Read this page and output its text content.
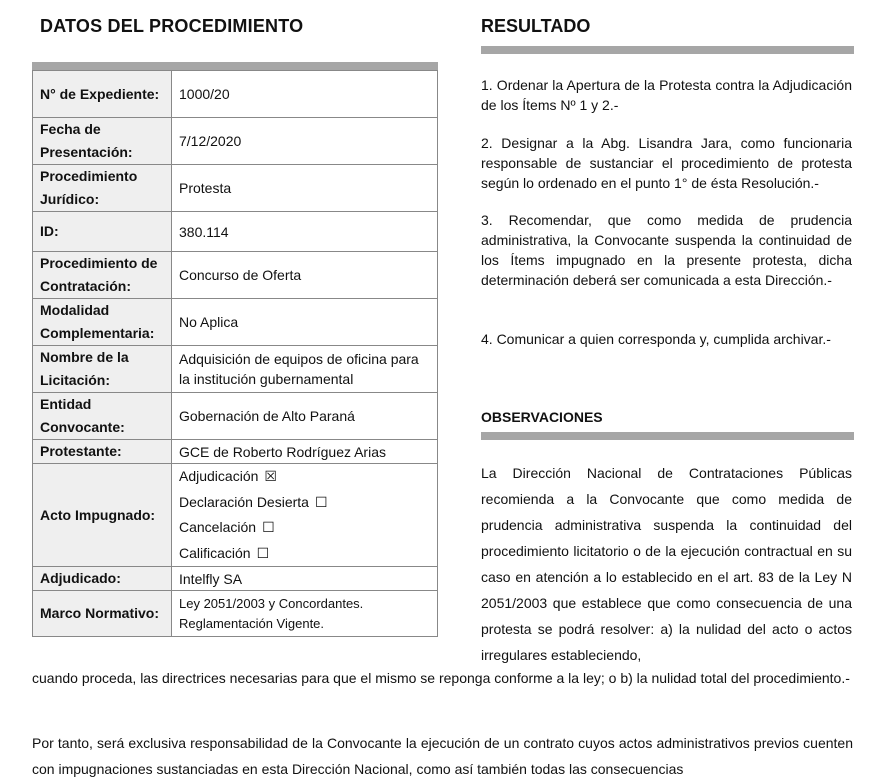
DATOS DEL PROCEDIMIENTO	RESULTADO
N° de Expediente:	1000/20
Fecha de Presentación:	7/12/2020
Procedimiento Jurídico:	Protesta
ID:	380.114
Procedimiento de Contratación:	Concurso de Oferta
Modalidad Complementaria:	No Aplica
Nombre de la Licitación:	Adquisición de equipos de oficina para la institución gubernamental
Entidad Convocante:	Gobernación de Alto Paraná
Protestante:	GCE de Roberto Rodríguez Arias
Acto Impugnado:	Adjudicación ☒
Declaración Desierta ☐
Cancelación ☐
Calificación ☐

Adjudicado:	Intelfly SA
Marco Normativo:	Ley 2051/2003 y Concordantes.
Reglamentación Vigente.

1. Ordenar la Apertura de la Protesta contra la Adjudicación de los Ítems Nº 1 y 2.-

2. Designar a la Abg. Lisandra Jara, como funcionaria responsable de sustanciar el procedimiento de protesta según lo ordenado en el punto 1° de ésta Resolución.-

3. Recomendar, que como medida de prudencia administrativa, la Convocante suspenda la continuidad de los Ítems impugnado en la presente protesta, dicha determinación deberá ser comunicada a esta Dirección.-

4. Comunicar a quien corresponda y, cumplida archivar.-

OBSERVACIONES
La Dirección Nacional de Contrataciones Públicas recomienda a la Convocante que como medida de prudencia administrativa suspenda la continuidad del procedimiento licitatorio o de la ejecución contractual en su caso en atención a lo establecido en el art. 83 de la Ley N 2051/2003 que establece que como consecuencia de una protesta se podrá resolver: a) la nulidad del acto o actos irregulares estableciendo,

cuando proceda, las directrices necesarias para que el mismo se reponga conforme a la ley; o b) la nulidad total del procedimiento.-

Por tanto, será exclusiva responsabilidad de la Convocante la ejecución de un contrato cuyos actos administrativos previos cuenten con impugnaciones sustanciadas en esta Dirección Nacional, como así también todas las consecuencias
